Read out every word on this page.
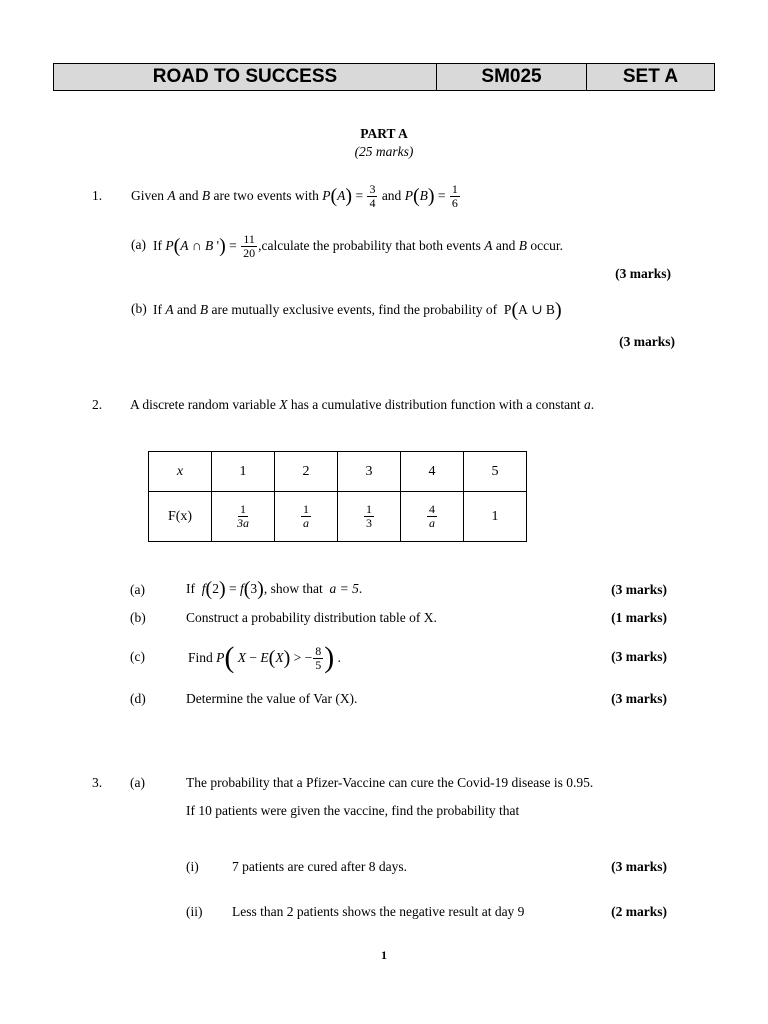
ROAD TO SUCCESS	SM025	SET A
PART A
(25 marks)
1. Given
A
and
B
are two events with
P ( A ) = $\frac{3}{4}$
and
P ( B ) = $\frac{1}{6}$
(a) If
P ( A ∩ B ' ) = $\frac{11}{20}$ ,calculate the probability that both events
A
and
B
occur.
(3 marks)
(b) If
A
and
B
are mutually exclusive events, find the probability of P ( A ∪ B )
(3 marks)
2. A discrete random variable X has a cumulative distribution function with a constant a.
x	1	2	3	4	5
F(x)	$\frac{1}{3a}$	$\frac{1}{a}$	$\frac{1}{3}$	$\frac{4}{a}$	1
(a)	If
f ( 2 ) = f ( 3 ) , show that
a = 5 .	(3 marks)
(b)	Construct a probability distribution table of X.	(1 marks)
(c)	Find
P (
X − E ( X ) > − $\frac{8}{5}$ ) .	(3 marks)
(d)	Determine the value of Var (X).	(3 marks)
3. (a)	The probability that a Pfizer-Vaccine can cure the Covid-19 disease is 0.95.
If 10 patients were given the vaccine, find the probability that
(i) 7 patients are cured after 8 days.	(3 marks)
(ii) Less than 2 patients shows the negative result at day 9	(2 marks)
1
